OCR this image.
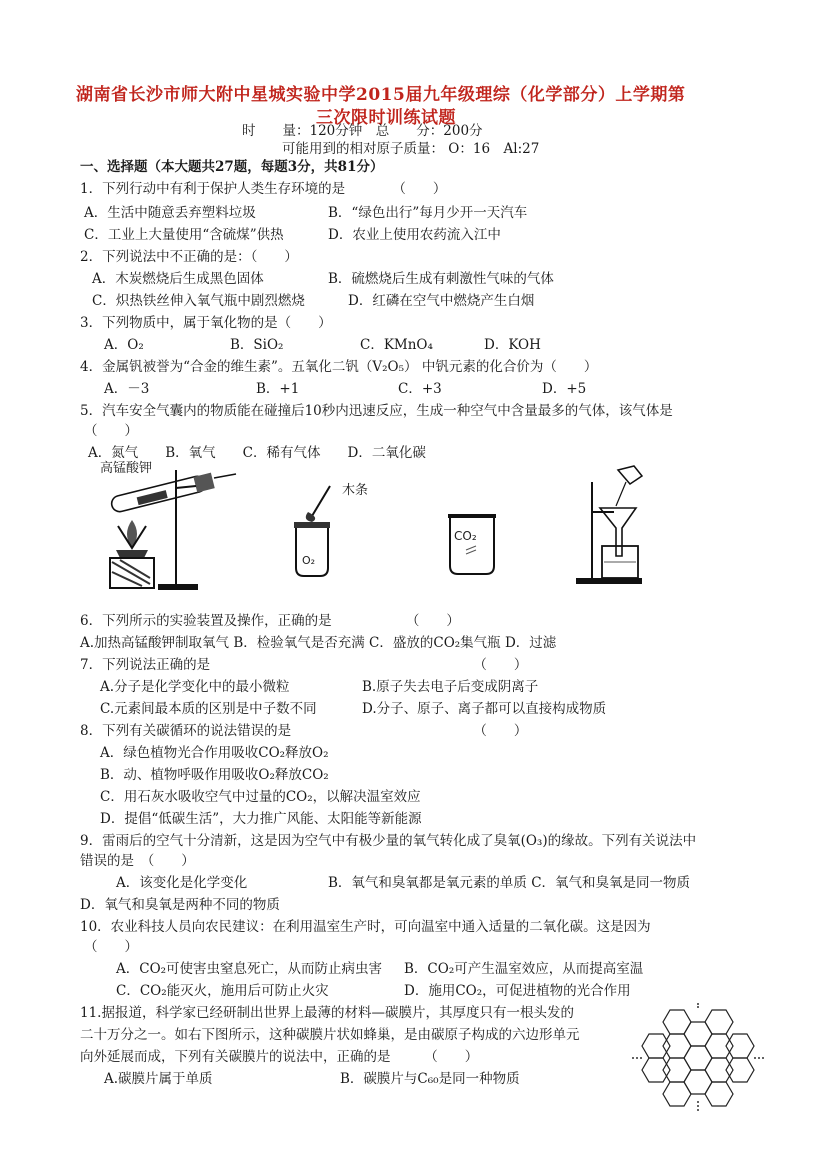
湖南省长沙市师大附中星城实验中学2015届九年级理综（化学部分）上学期第
三次限时训练试题
时　　量：120分钟　总　　分：200分
可能用到的相对原子质量： O：16　Al:27
一、选择题（本大题共27题，每题3分，共81分）
1．下列行动中有利于保护人类生存环境的是　　　　（　　）
A．生活中随意丢弃塑料垃圾	B．“绿色出行”每月少开一天汽车
C．工业上大量使用“含硫煤”供热	D．农业上使用农药流入江中
2．下列说法中不正确的是：（　　）
A．木炭燃烧后生成黑色固体	B．硫燃烧后生成有刺激性气味的气体
C．炽热铁丝伸入氧气瓶中剧烈燃烧	D．红磷在空气中燃烧产生白烟
3．下列物质中，属于氧化物的是（　　）
A．O₂	B．SiO₂	C．KMnO₄	D．KOH
4．金属钒被誉为“合金的维生素”。五氧化二钒（V₂O₅） 中钒元素的化合价为（　　）
A．－3	B．+1	C．+3	D．+5
5．汽车安全气囊内的物质能在碰撞后10秒内迅速反应，生成一种空气中含量最多的气体，该气体是
（　　）
A．氮气　　B．氧气　　C．稀有气体　　D．二氧化碳
高锰酸钾
木条
O₂
CO₂
6．下列所示的实验装置及操作，正确的是　　　　　　（　　）
A.加热高锰酸钾制取氧气 B．检验氧气是否充满 C．盛放的CO₂集气瓶 D．过滤
7．下列说法正确的是　　　　　　　　　　　　　　　　　　　　（　　）
A.分子是化学变化中的最小微粒	B.原子失去电子后变成阴离子
C.元素间最本质的区别是中子数不同	D.分子、原子、离子都可以直接构成物质
8．下列有关碳循环的说法错误的是　　　　　　　　　　　　　　（　　）
A．绿色植物光合作用吸收CO₂释放O₂
B．动、植物呼吸作用吸收O₂释放CO₂
C．用石灰水吸收空气中过量的CO₂，以解决温室效应
D．提倡“低碳生活”，大力推广风能、太阳能等新能源
9．雷雨后的空气十分清新，这是因为空气中有极少量的氧气转化成了臭氧(O₃)的缘故。下列有关说法中
错误的是　（　　）
A．该变化是化学变化	B．氧气和臭氧都是氧元素的单质 C．氧气和臭氧是同一物质
D．氧气和臭氧是两种不同的物质
10．农业科技人员向农民建议：在利用温室生产时，可向温室中通入适量的二氧化碳。这是因为
（　　）
A．CO₂可使害虫窒息死亡，从而防止病虫害 B．CO₂可产生温室效应，从而提高室温
C．CO₂能灭火，施用后可防止火灾	D．施用CO₂，可促进植物的光合作用
11.据报道，科学家已经研制出世界上最薄的材料—碳膜片，其厚度只有一根头发的
二十万分之一。如右下图所示，这种碳膜片状如蜂巢，是由碳原子构成的六边形单元
向外延展而成，下列有关碳膜片的说法中，正确的是　　　（　　）
A.碳膜片属于单质	B．碳膜片与C₆₀是同一种物质
